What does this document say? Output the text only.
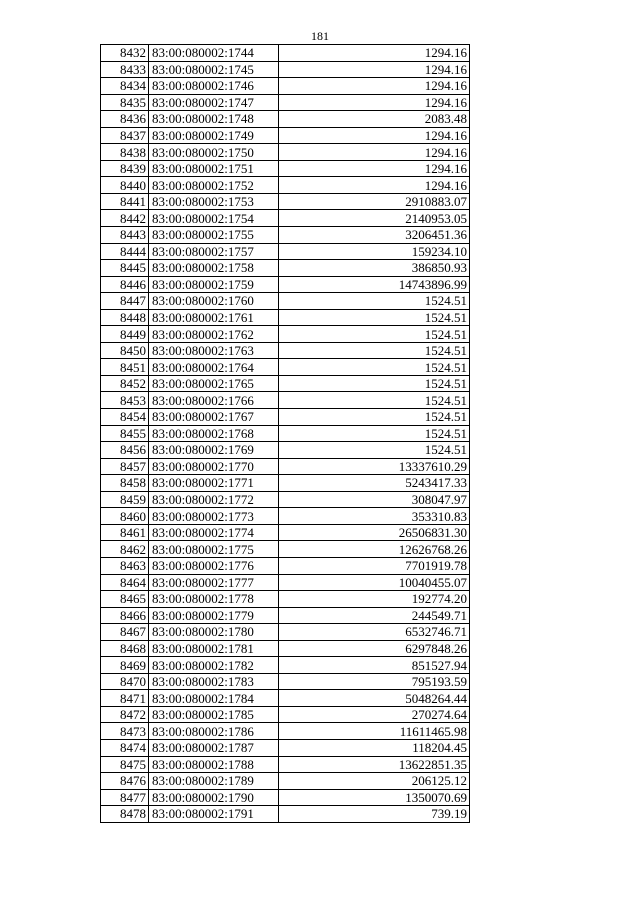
181
8432	83:00:080002:1744	1294.16
8433	83:00:080002:1745	1294.16
8434	83:00:080002:1746	1294.16
8435	83:00:080002:1747	1294.16
8436	83:00:080002:1748	2083.48
8437	83:00:080002:1749	1294.16
8438	83:00:080002:1750	1294.16
8439	83:00:080002:1751	1294.16
8440	83:00:080002:1752	1294.16
8441	83:00:080002:1753	2910883.07
8442	83:00:080002:1754	2140953.05
8443	83:00:080002:1755	3206451.36
8444	83:00:080002:1757	159234.10
8445	83:00:080002:1758	386850.93
8446	83:00:080002:1759	14743896.99
8447	83:00:080002:1760	1524.51
8448	83:00:080002:1761	1524.51
8449	83:00:080002:1762	1524.51
8450	83:00:080002:1763	1524.51
8451	83:00:080002:1764	1524.51
8452	83:00:080002:1765	1524.51
8453	83:00:080002:1766	1524.51
8454	83:00:080002:1767	1524.51
8455	83:00:080002:1768	1524.51
8456	83:00:080002:1769	1524.51
8457	83:00:080002:1770	13337610.29
8458	83:00:080002:1771	5243417.33
8459	83:00:080002:1772	308047.97
8460	83:00:080002:1773	353310.83
8461	83:00:080002:1774	26506831.30
8462	83:00:080002:1775	12626768.26
8463	83:00:080002:1776	7701919.78
8464	83:00:080002:1777	10040455.07
8465	83:00:080002:1778	192774.20
8466	83:00:080002:1779	244549.71
8467	83:00:080002:1780	6532746.71
8468	83:00:080002:1781	6297848.26
8469	83:00:080002:1782	851527.94
8470	83:00:080002:1783	795193.59
8471	83:00:080002:1784	5048264.44
8472	83:00:080002:1785	270274.64
8473	83:00:080002:1786	11611465.98
8474	83:00:080002:1787	118204.45
8475	83:00:080002:1788	13622851.35
8476	83:00:080002:1789	206125.12
8477	83:00:080002:1790	1350070.69
8478	83:00:080002:1791	739.19
